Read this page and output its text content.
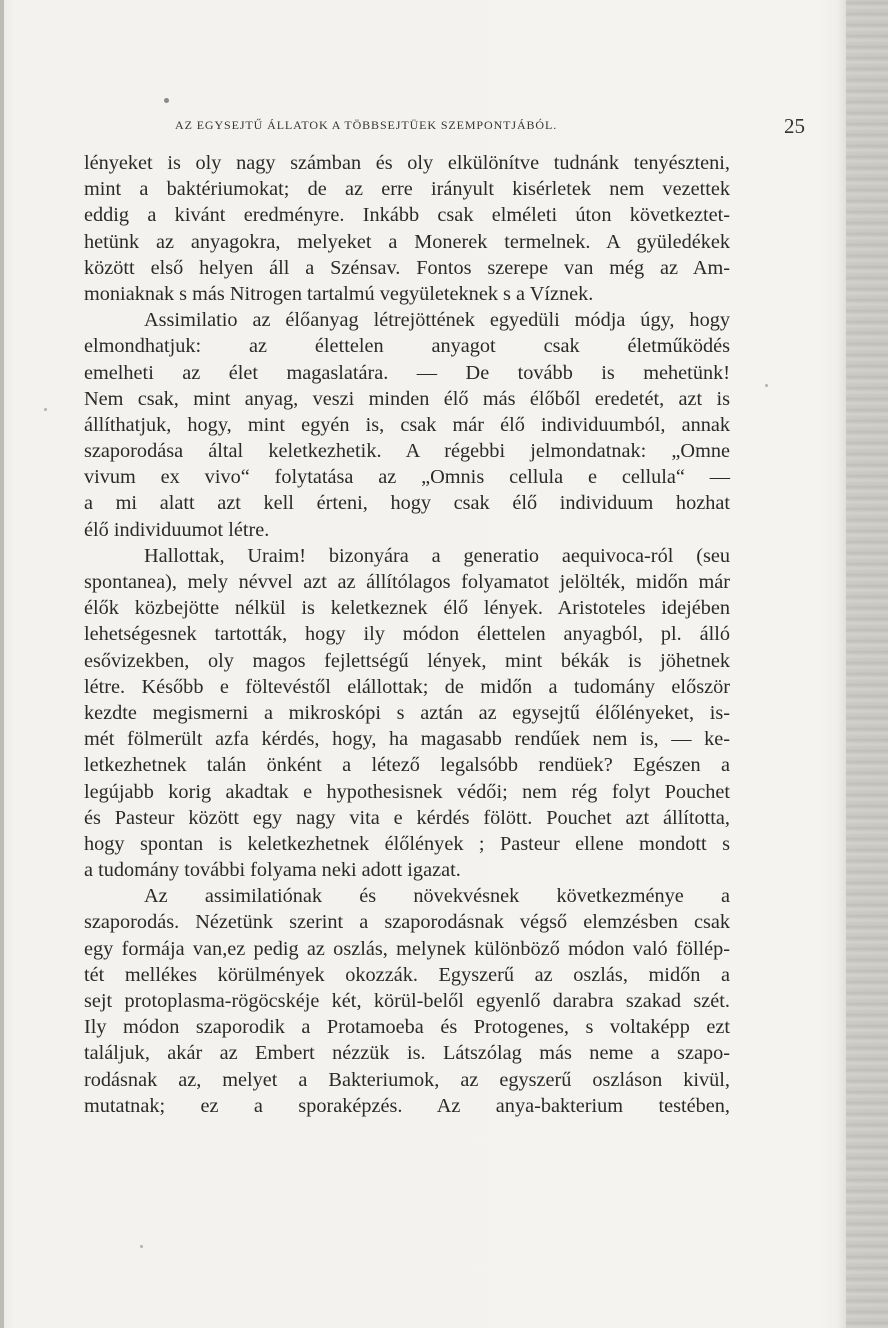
AZ EGYSEJTŰ ÁLLATOK A TÖBBSEJTÜEK SZEMPONTJÁBÓL.	25
lényeket is oly nagy számban és oly elkülönítve tudnánk tenyészteni,
mint a baktériumokat; de az erre irányult kisérletek nem vezettek
eddig a kivánt eredményre. Inkább csak elméleti úton következtet-
hetünk az anyagokra, melyeket a Monerek termelnek. A gyüledékek
között első helyen áll a Szénsav. Fontos szerepe van még az Am-
moniaknak s más Nitrogen tartalmú vegyületeknek s a Víznek.
Assimilatio az élőanyag létrejöttének egyedüli módja úgy, hogy
elmondhatjuk: az élettelen anyagot csak életműködés
emelheti az élet magaslatára. — De tovább is mehetünk!
Nem csak, mint anyag, veszi minden élő más élőből eredetét, azt is
állíthatjuk, hogy, mint egyén is, csak már élő individuumból, annak
szaporodása által keletkezhetik. A régebbi jelmondatnak: „Omne
vivum ex vivo“ folytatása az „Omnis cellula e cellula“ —
a mi alatt azt kell érteni, hogy csak élő individuum hozhat
élő individuumot létre.
Hallottak, Uraim! bizonyára a generatio aequivoca-ról (seu
spontanea), mely névvel azt az állítólagos folyamatot jelölték, midőn már
élők közbejötte nélkül is keletkeznek élő lények. Aristoteles idejében
lehetségesnek tartották, hogy ily módon élettelen anyagból, pl. álló
esővizekben, oly magos fejlettségű lények, mint békák is jöhetnek
létre. Később e föltevéstől elállottak; de midőn a tudomány először
kezdte megismerni a mikroskópi s aztán az egysejtű élőlényeket, is-
mét fölmerült azfa kérdés, hogy, ha magasabb rendűek nem is, — ke-
letkezhetnek talán önként a létező legalsóbb rendüek? Egészen a
legújabb korig akadtak e hypothesisnek védői; nem rég folyt Pouchet
és Pasteur között egy nagy vita e kérdés fölött. Pouchet azt állította,
hogy spontan is keletkezhetnek élőlények ; Pasteur ellene mondott s
a tudomány további folyama neki adott igazat.
Az assimilatiónak és növekvésnek következménye a
szaporodás. Nézetünk szerint a szaporodásnak végső elemzésben csak
egy formája van,ez pedig az oszlás, melynek különböző módon való föllép-
tét mellékes körülmények okozzák. Egyszerű az oszlás, midőn a
sejt protoplasma-rögöcskéje két, körül-belől egyenlő darabra szakad szét.
Ily módon szaporodik a Protamoeba és Protogenes, s voltaképp ezt
találjuk, akár az Embert nézzük is. Látszólag más neme a szapo-
rodásnak az, melyet a Bakteriumok, az egyszerű oszláson kivül,
mutatnak; ez a sporaképzés. Az anya-bakterium testében,
